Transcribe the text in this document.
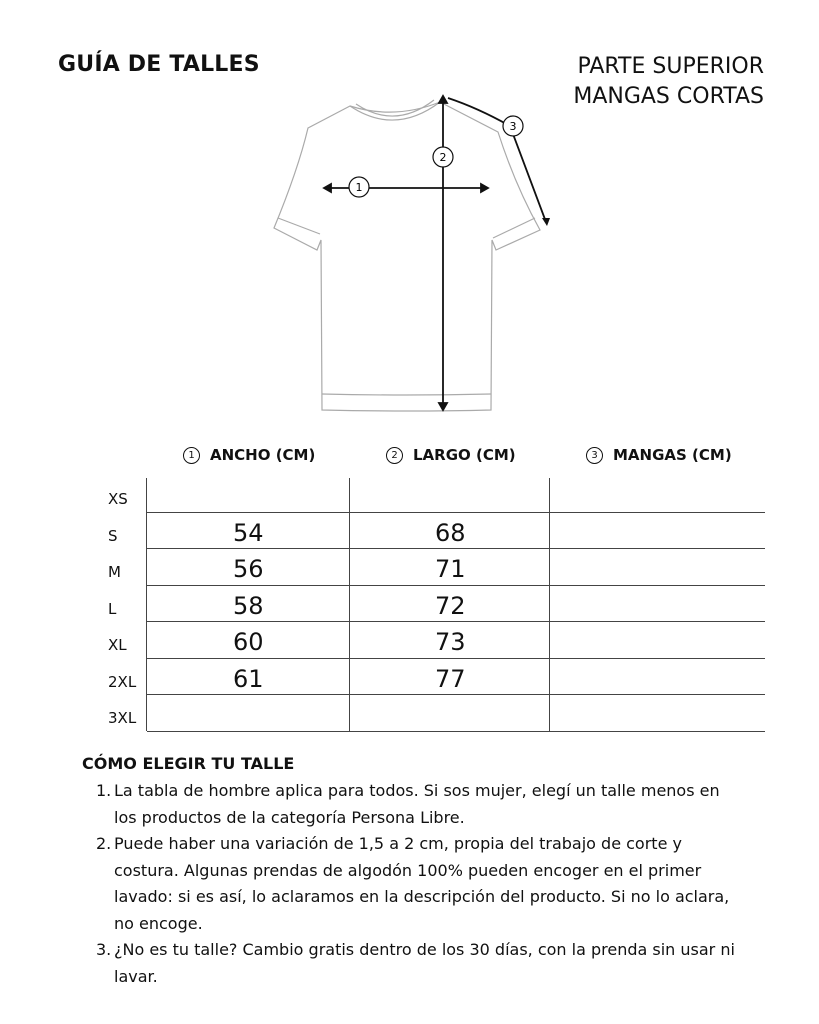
GUÍA DE TALLES	PARTE SUPERIOR
MANGAS CORTAS
1
2
3
1	ANCHO (CM)	2	LARGO (CM)	3	MANGAS (CM)
XS
S	54	68
M	56	71
L	58	72
XL	60	73
2XL	61	77
3XL
CÓMO ELEGIR TU TALLE
1. La tabla de hombre aplica para todos. Si sos mujer, elegí un talle menos en los productos de la categoría Persona Libre.
2. Puede haber una variación de 1,5 a 2 cm, propia del trabajo de corte y costura. Algunas prendas de algodón 100% pueden encoger en el primer lavado: si es así, lo aclaramos en la descripción del producto. Si no lo aclara, no encoge.
3. ¿No es tu talle? Cambio gratis dentro de los 30 días, con la prenda sin usar ni lavar.
